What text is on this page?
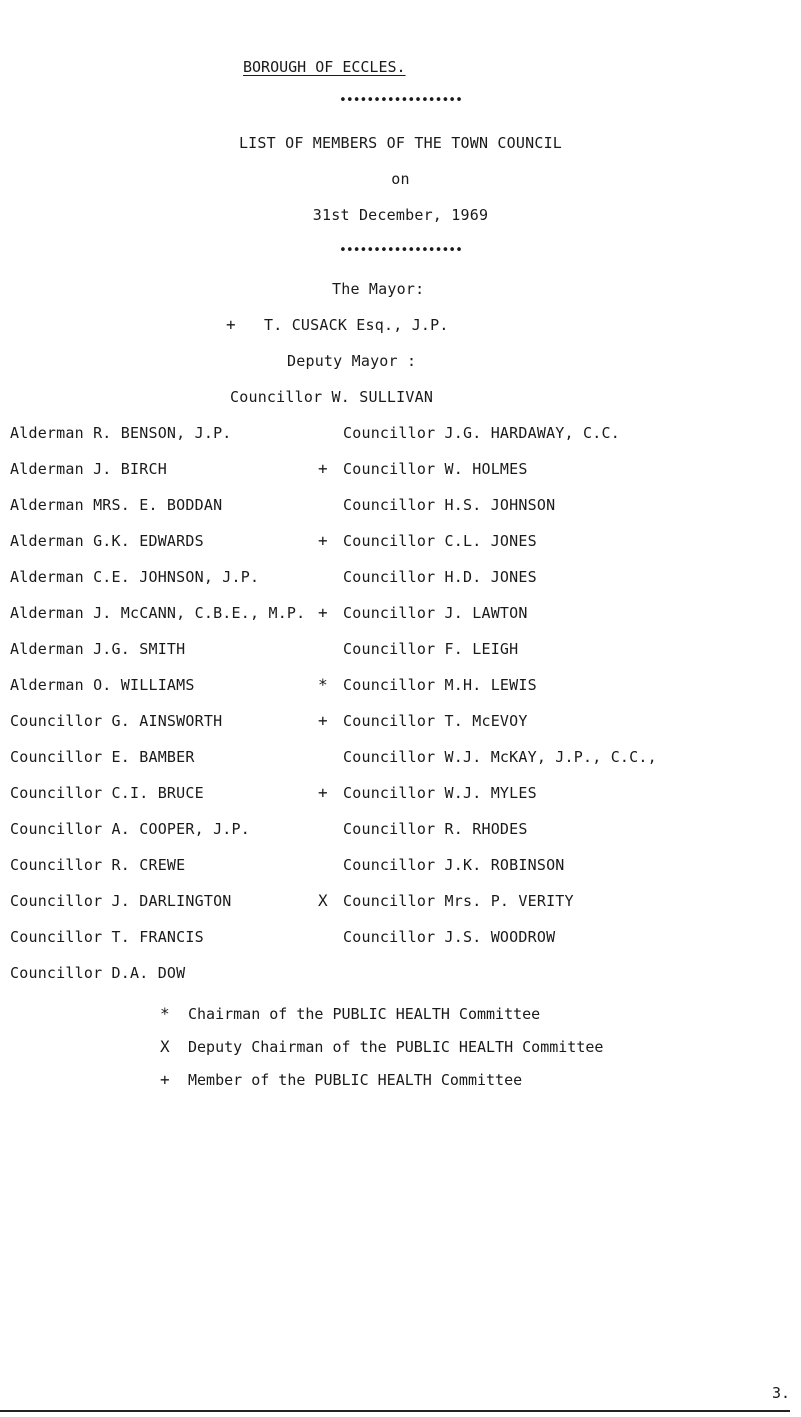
BOROUGH OF ECCLES.
••••••••••••••••••
LIST OF MEMBERS OF THE TOWN COUNCIL
on
31st December, 1969
••••••••••••••••••
The Mayor:
+ T. CUSACK Esq., J.P.
Deputy Mayor :
Councillor W. SULLIVAN
Alderman R. BENSON, J.P.
Alderman J. BIRCH
Alderman MRS. E. BODDAN
Alderman G.K. EDWARDS
Alderman C.E. JOHNSON, J.P.
Alderman J. McCANN, C.B.E., M.P.
Alderman J.G. SMITH
Alderman O. WILLIAMS
Councillor G. AINSWORTH
Councillor E. BAMBER
Councillor C.I. BRUCE
Councillor A. COOPER, J.P.
Councillor R. CREWE
Councillor J. DARLINGTON
Councillor T. FRANCIS
Councillor D.A. DOW
Councillor J.G. HARDAWAY, C.C.
+ Councillor W. HOLMES
Councillor H.S. JOHNSON
+ Councillor C.L. JONES
Councillor H.D. JONES
+ Councillor J. LAWTON
Councillor F. LEIGH
* Councillor M.H. LEWIS
+ Councillor T. McEVOY
Councillor W.J. McKAY, J.P., C.C.,
+ Councillor W.J. MYLES
Councillor R. RHODES
Councillor J.K. ROBINSON
X Councillor Mrs. P. VERITY
Councillor J.S. WOODROW
* Chairman of the PUBLIC HEALTH Committee
X Deputy Chairman of the PUBLIC HEALTH Committee
+ Member of the PUBLIC HEALTH Committee
3.
